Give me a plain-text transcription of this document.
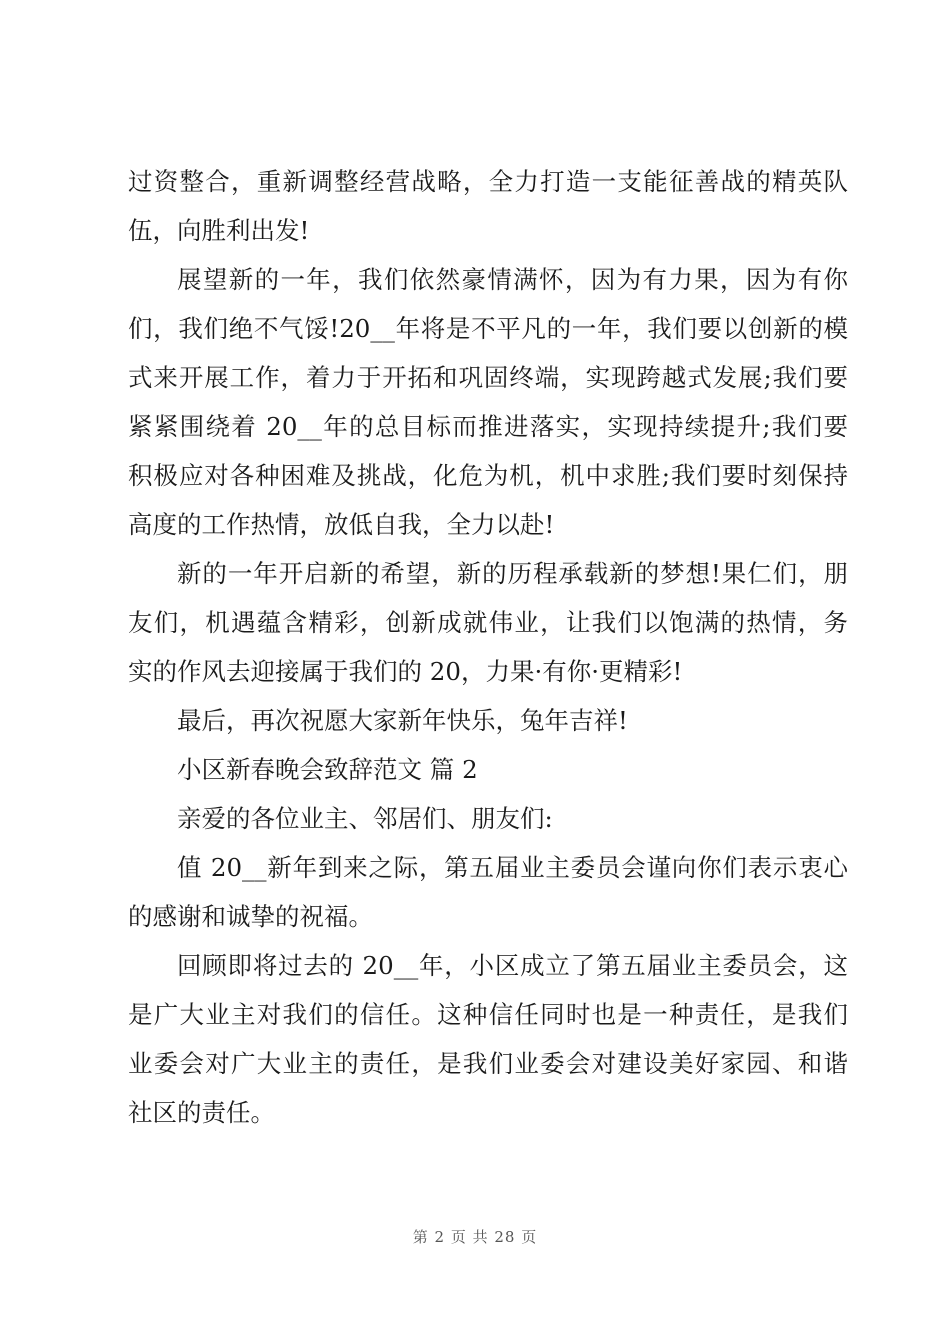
过资整合，重新调整经营战略，全力打造一支能征善战的精英队
伍，向胜利出发!
展望新的一年，我们依然豪情满怀，因为有力果，因为有你
们，我们绝不气馁!20__年将是不平凡的一年，我们要以创新的模
式来开展工作，着力于开拓和巩固终端，实现跨越式发展;我们要
紧紧围绕着 20__年的总目标而推进落实，实现持续提升;我们要
积极应对各种困难及挑战，化危为机，机中求胜;我们要时刻保持
高度的工作热情，放低自我，全力以赴!
新的一年开启新的希望，新的历程承载新的梦想!果仁们，朋
友们，机遇蕴含精彩，创新成就伟业，让我们以饱满的热情，务
实的作风去迎接属于我们的 20，力果·有你·更精彩!
最后，再次祝愿大家新年快乐，兔年吉祥!
小区新春晚会致辞范文 篇 2
亲爱的各位业主、邻居们、朋友们:
值 20__新年到来之际，第五届业主委员会谨向你们表示衷心
的感谢和诚挚的祝福。
回顾即将过去的 20__年，小区成立了第五届业主委员会，这
是广大业主对我们的信任。这种信任同时也是一种责任，是我们
业委会对广大业主的责任，是我们业委会对建设美好家园、和谐
社区的责任。
第 2 页 共 28 页
